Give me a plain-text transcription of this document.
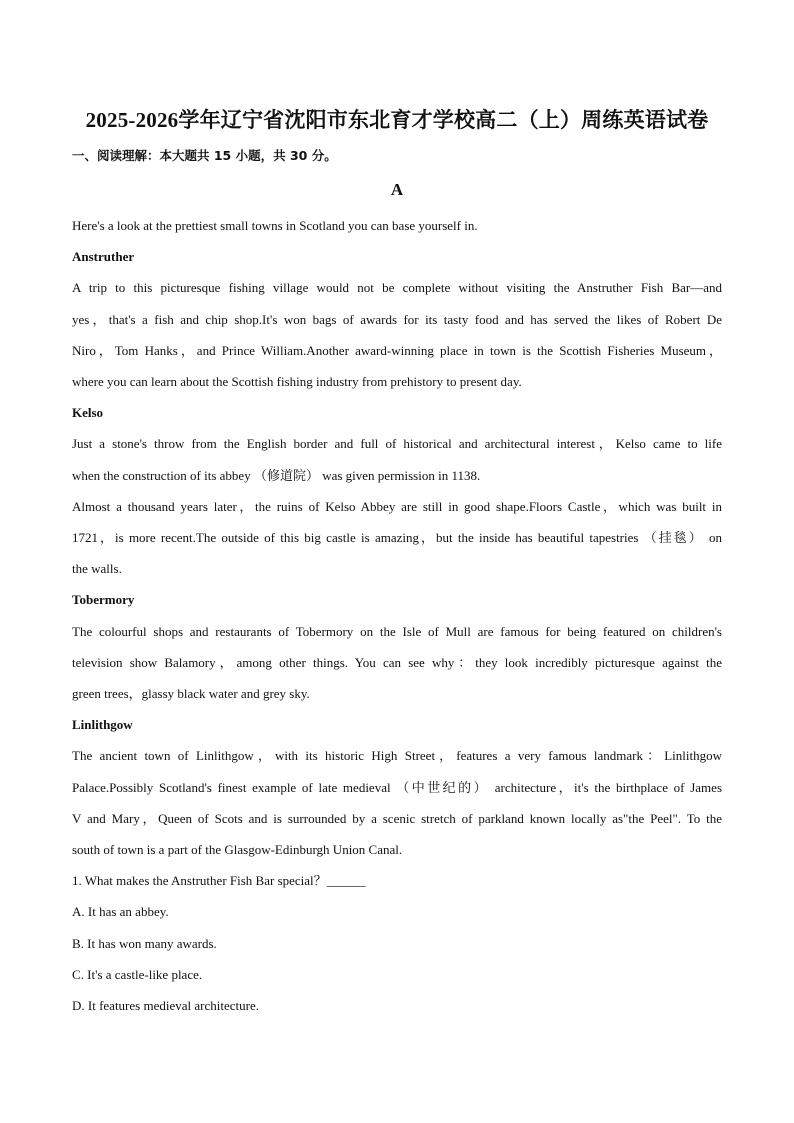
2025-2026学年辽宁省沈阳市东北育才学校高二（上）周练英语试卷
一、阅读理解：本大题共 15 小题，共 30 分。
A
Here's a look at the prettiest small towns in Scotland you can base yourself in.
Anstruther
A trip to this picturesque fishing village would not be complete without visiting the Anstruther Fish Bar—and
yes，that's a fish and chip shop.It's won bags of awards for its tasty food and has served the likes of Robert De
Niro，Tom Hanks，and Prince William.Another award-winning place in town is the Scottish Fisheries Museum，
where you can learn about the Scottish fishing industry from prehistory to present day.
Kelso
Just a stone's throw from the English border and full of historical and architectural interest，Kelso came to life
when the construction of its abbey （修道院） was given permission in 1138.
Almost a thousand years later，the ruins of Kelso Abbey are still in good shape.Floors Castle，which was built in
1721，is more recent.The outside of this big castle is amazing，but the inside has beautiful tapestries （挂毯） on
the walls.
Tobermory
The colourful shops and restaurants of Tobermory on the Isle of Mull are famous for being featured on children's
television show Balamory，among other things. You can see why：they look incredibly picturesque against the
green trees，glassy black water and grey sky.
Linlithgow
The ancient town of Linlithgow，with its historic High Street，features a very famous landmark：Linlithgow
Palace.Possibly Scotland's finest example of late medieval （中世纪的） architecture，it's the birthplace of James
V and Mary，Queen of Scots and is surrounded by a scenic stretch of parkland known locally as"the Peel". To the
south of town is a part of the Glasgow-Edinburgh Union Canal.
1. What makes the Anstruther Fish Bar special？______
A. It has an abbey.
B. It has won many awards.
C. It's a castle-like place.
D. It features medieval architecture.
